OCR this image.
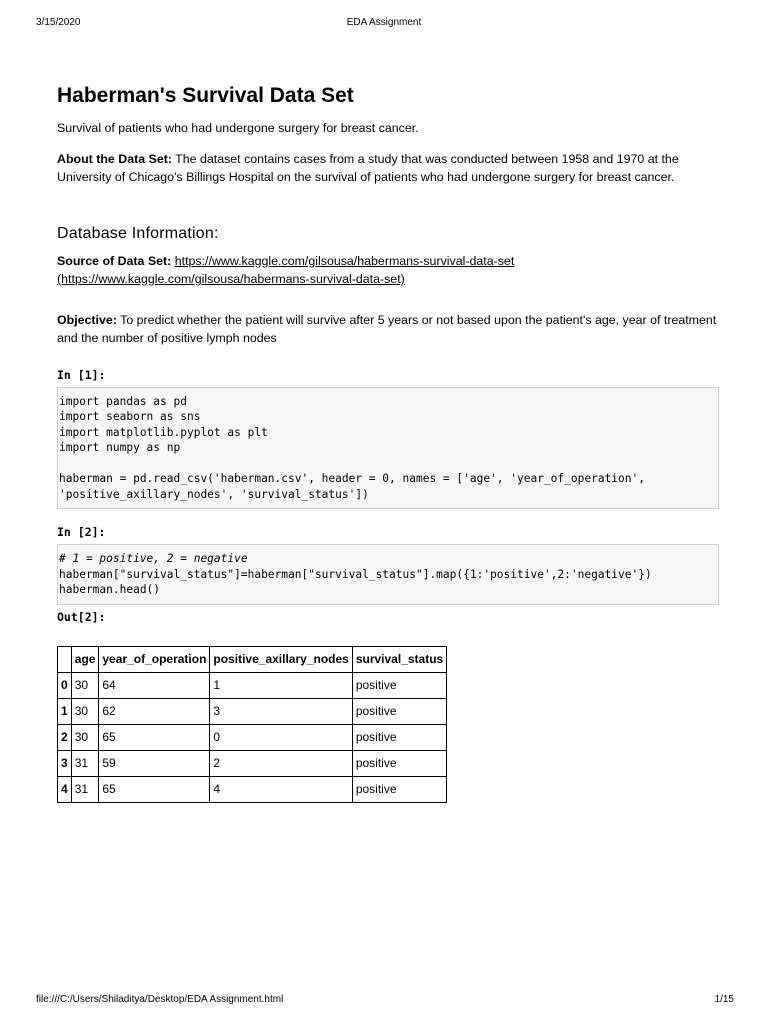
3/15/2020	EDA Assignment
Haberman's Survival Data Set

Survival of patients who had undergone surgery for breast cancer.

About the Data Set: The dataset contains cases from a study that was conducted between 1958 and 1970 at the University of Chicago's Billings Hospital on the survival of patients who had undergone surgery for breast cancer.

Database Information:

Source of Data Set: https://www.kaggle.com/gilsousa/habermans-survival-data-set
(https://www.kaggle.com/gilsousa/habermans-survival-data-set)

Objective: To predict whether the patient will survive after 5 years or not based upon the patient's age, year of treatment and the number of positive lymph nodes

In [1]:
import pandas as pd
import seaborn as sns
import matplotlib.pyplot as plt
import numpy as np

haberman = pd.read_csv('haberman.csv', header = 0, names = ['age', 'year_of_operation', 'positive_axillary_nodes', 'survival_status'])
In [2]:
# 1 = positive, 2 = negative
haberman["survival_status"]=haberman["survival_status"].map({1:'positive',2:'negative'})
haberman.head()
Out[2]:
	age	year_of_operation	positive_axillary_nodes	survival_status
0	30	64	1	positive
1	30	62	3	positive
2	30	65	0	positive
3	31	59	2	positive
4	31	65	4	positive
file:///C:/Users/Shiladitya/Desktop/EDA Assignment.html	1/15
